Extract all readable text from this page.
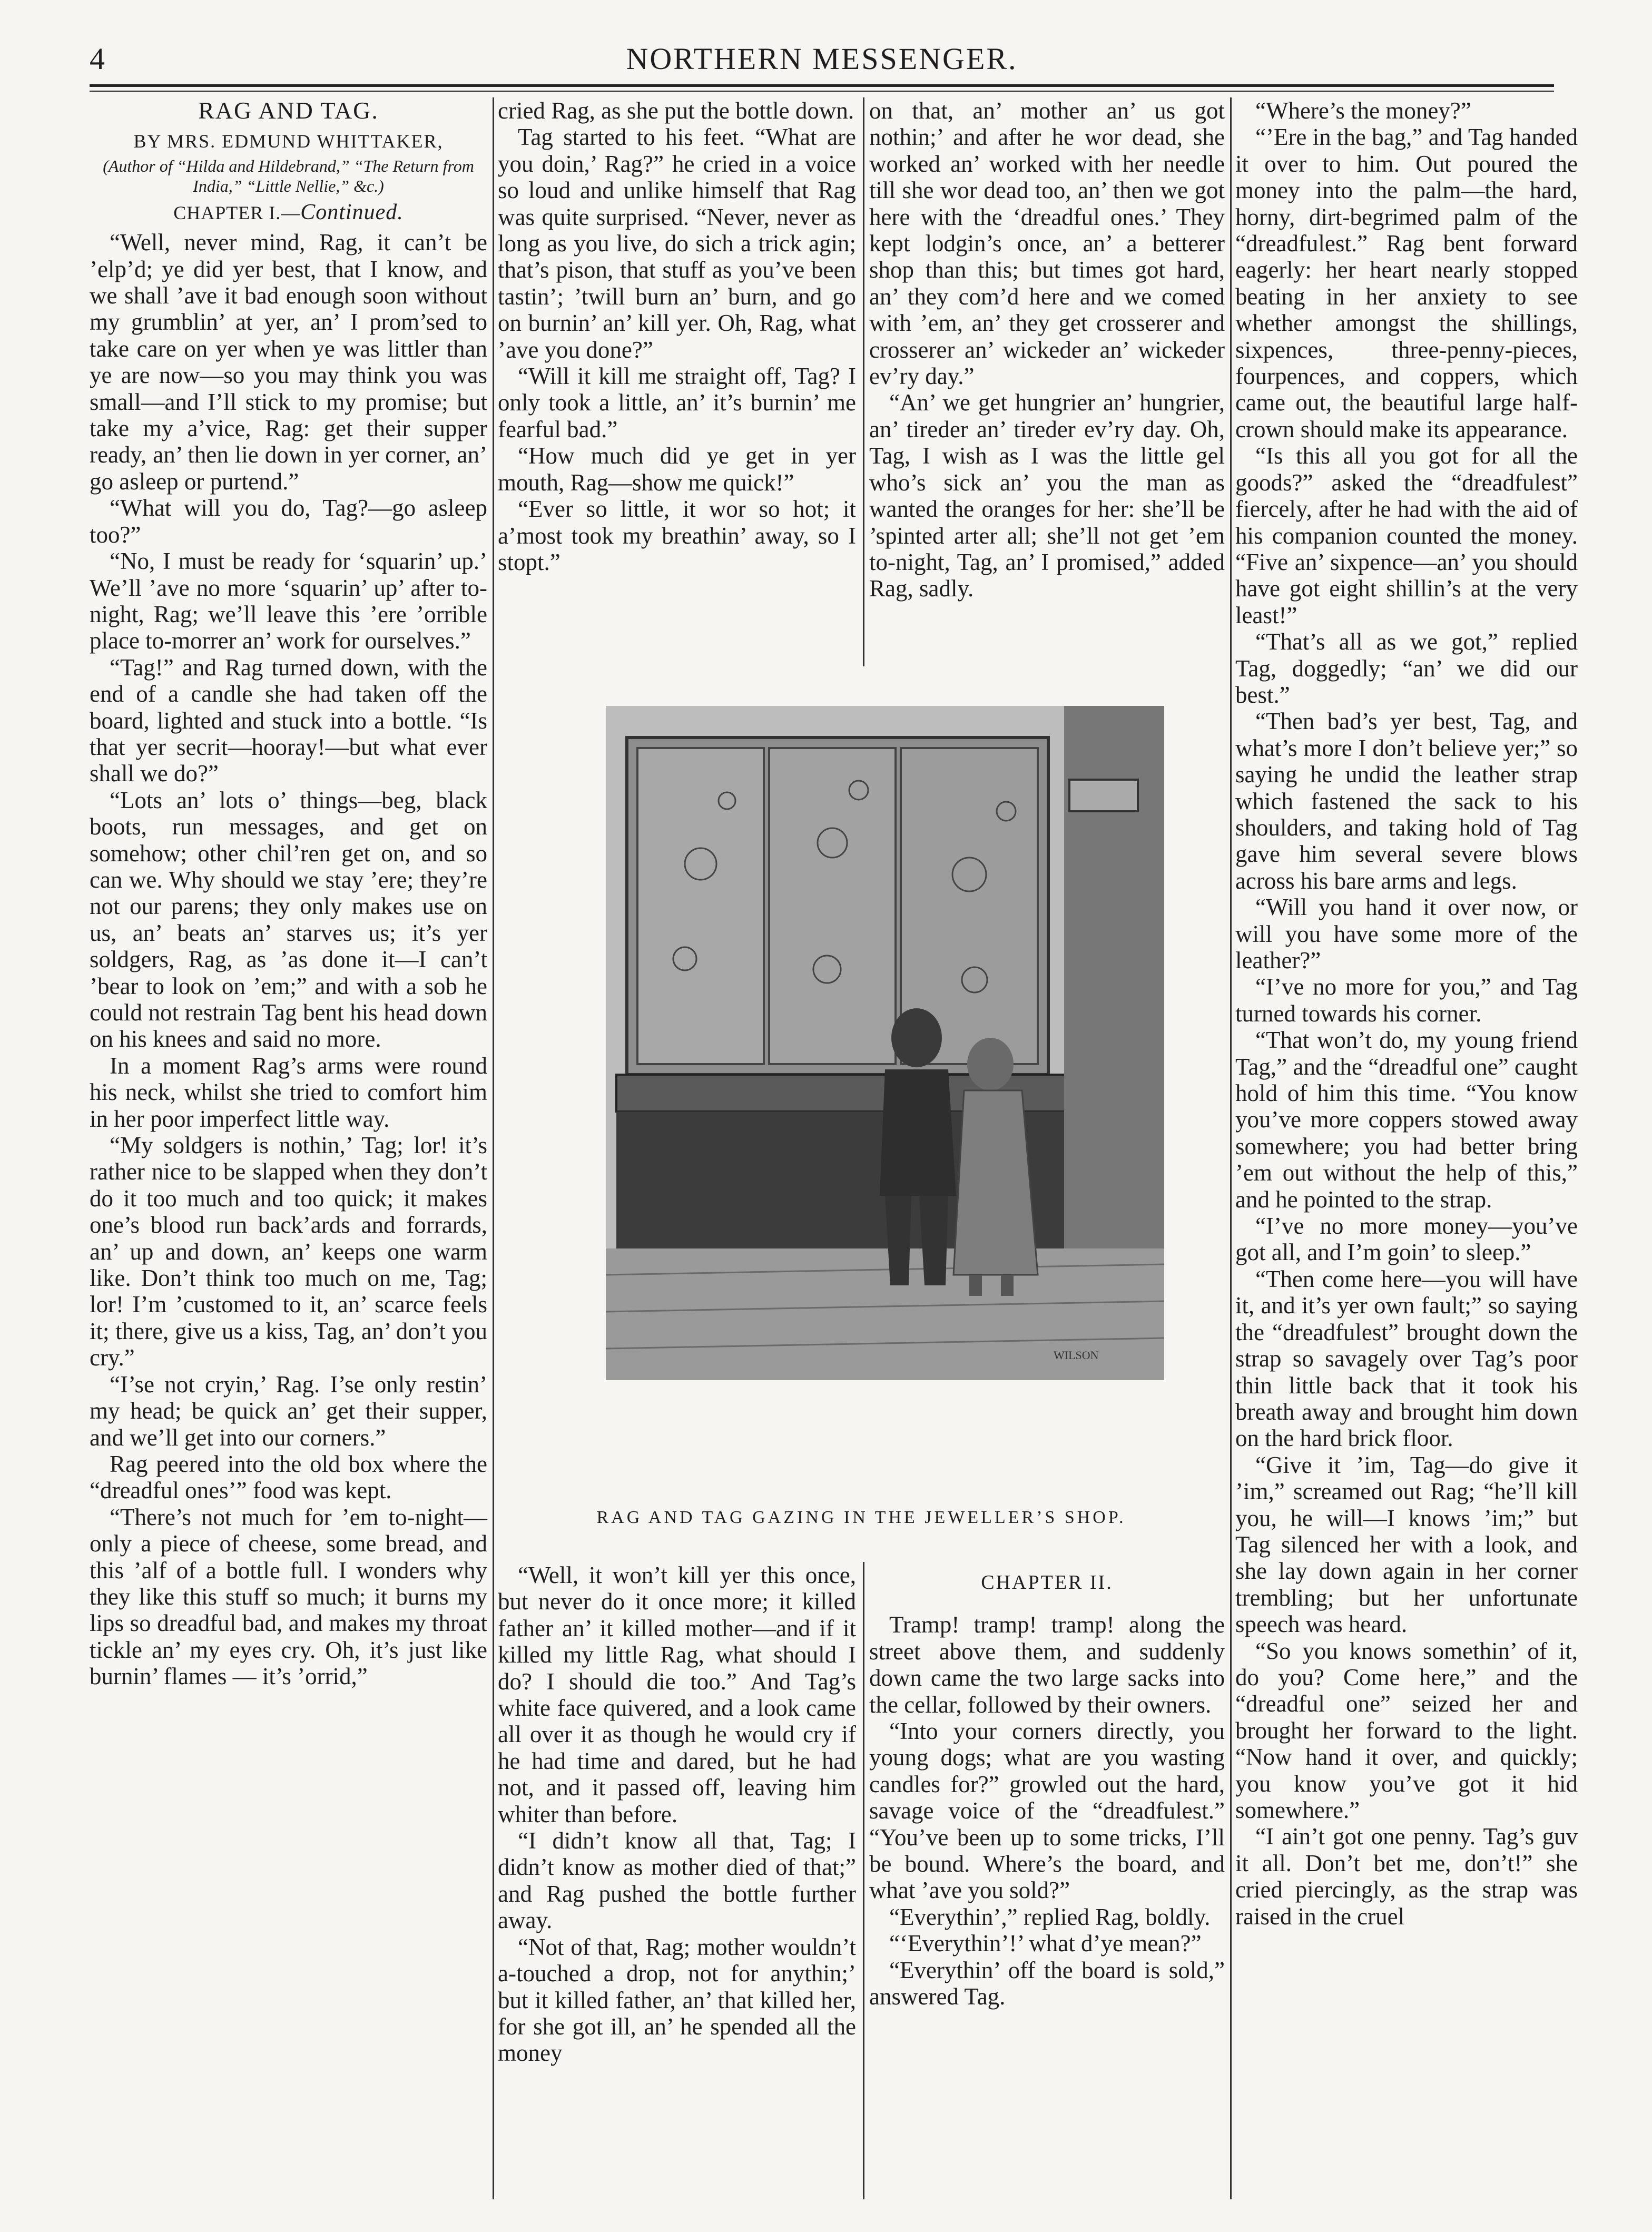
4	NORTHERN MESSENGER.
RAG AND TAG.
BY MRS. EDMUND WHITTAKER,
(Author of “Hilda and Hildebrand,” “The Return from India,” “Little Nellie,” &c.)
CHAPTER I.—Continued.

“Well, never mind, Rag, it can’t be ’elp’d; ye did yer best, that I know, and we shall ’ave it bad enough soon without my grumblin’ at yer, an’ I prom’sed to take care on yer when ye was littler than ye are now—so you may think you was small—and I’ll stick to my promise; but take my a’vice, Rag: get their supper ready, an’ then lie down in yer corner, an’ go asleep or purtend.”

“What will you do, Tag?—go asleep too?”

“No, I must be ready for ‘squarin’ up.’ We’ll ’ave no more ‘squarin’ up’ after to-night, Rag; we’ll leave this ’ere ’orrible place to-morrer an’ work for ourselves.”

“Tag!” and Rag turned down, with the end of a candle she had taken off the board, lighted and stuck into a bottle. “Is that yer secrit—hooray!—but what ever shall we do?”

“Lots an’ lots o’ things—beg, black boots, run messages, and get on somehow; other chil’ren get on, and so can we. Why should we stay ’ere; they’re not our parens; they only makes use on us, an’ beats an’ starves us; it’s yer soldgers, Rag, as ’as done it—I can’t ’bear to look on ’em;” and with a sob he could not restrain Tag bent his head down on his knees and said no more.

In a moment Rag’s arms were round his neck, whilst she tried to comfort him in her poor imperfect little way.

“My soldgers is nothin,’ Tag; lor! it’s rather nice to be slapped when they don’t do it too much and too quick; it makes one’s blood run back’ards and forrards, an’ up and down, an’ keeps one warm like. Don’t think too much on me, Tag; lor! I’m ’customed to it, an’ scarce feels it; there, give us a kiss, Tag, an’ don’t you cry.”

“I’se not cryin,’ Rag. I’se only restin’ my head; be quick an’ get their supper, and we’ll get into our corners.”

Rag peered into the old box where the “dreadful ones’” food was kept.

“There’s not much for ’em to-night—only a piece of cheese, some bread, and this ’alf of a bottle full. I wonders why they like this stuff so much; it burns my lips so dreadful bad, and makes my throat tickle an’ my eyes cry. Oh, it’s just like burnin’ flames — it’s ’orrid,”

cried Rag, as she put the bottle down.

Tag started to his feet. “What are you doin,’ Rag?” he cried in a voice so loud and unlike himself that Rag was quite surprised. “Never, never as long as you live, do sich a trick agin; that’s pison, that stuff as you’ve been tastin’; ’twill burn an’ burn, and go on burnin’ an’ kill yer. Oh, Rag, what ’ave you done?”

“Will it kill me straight off, Tag? I only took a little, an’ it’s burnin’ me fearful bad.”

“How much did ye get in yer mouth, Rag—show me quick!”

“Ever so little, it wor so hot; it a’most took my breathin’ away, so I stopt.”

on that, an’ mother an’ us got nothin;’ and after he wor dead, she worked an’ worked with her needle till she wor dead too, an’ then we got here with the ‘dreadful ones.’ They kept lodgin’s once, an’ a betterer shop than this; but times got hard, an’ they com’d here and we comed with ’em, an’ they get crosserer and crosserer an’ wickeder an’ wickeder ev’ry day.”

“An’ we get hungrier an’ hungrier, an’ tireder an’ tireder ev’ry day. Oh, Tag, I wish as I was the little gel who’s sick an’ you the man as wanted the oranges for her: she’ll be ’spinted arter all; she’ll not get ’em to-night, Tag, an’ I promised,” added Rag, sadly.

“Where’s the money?”

“’Ere in the bag,” and Tag handed it over to him. Out poured the money into the palm—the hard, horny, dirt-begrimed palm of the “dreadfulest.” Rag bent forward eagerly: her heart nearly stopped beating in her anxiety to see whether amongst the shillings, sixpences, three-penny-pieces, fourpences, and coppers, which came out, the beautiful large half-crown should make its appearance.

“Is this all you got for all the goods?” asked the “dreadfulest” fiercely, after he had with the aid of his companion counted the money. “Five an’ sixpence—an’ you should have got eight shillin’s at the very least!”

“That’s all as we got,” replied Tag, doggedly; “an’ we did our best.”

“Then bad’s yer best, Tag, and what’s more I don’t believe yer;” so saying he undid the leather strap which fastened the sack to his shoulders, and taking hold of Tag gave him several severe blows across his bare arms and legs.

“Will you hand it over now, or will you have some more of the leather?”

“I’ve no more for you,” and Tag turned towards his corner.

“That won’t do, my young friend Tag,” and the “dreadful one” caught hold of him this time. “You know you’ve more coppers stowed away somewhere; you had better bring ’em out without the help of this,” and he pointed to the strap.

“I’ve no more money—you’ve got all, and I’m goin’ to sleep.”

“Then come here—you will have it, and it’s yer own fault;” so saying the “dreadfulest” brought down the strap so savagely over Tag’s poor thin little back that it took his breath away and brought him down on the hard brick floor.

“Give it ’im, Tag—do give it ’im,” screamed out Rag; “he’ll kill you, he will—I knows ’im;” but Tag silenced her with a look, and she lay down again in her corner trembling; but her unfortunate speech was heard.

“So you knows somethin’ of it, do you? Come here,” and the “dreadful one” seized her and brought her forward to the light. “Now hand it over, and quickly; you know you’ve got it hid somewhere.”

“I ain’t got one penny. Tag’s guv it all. Don’t bet me, don’t!” she cried piercingly, as the strap was raised in the cruel

WILSON
RAG AND TAG GAZING IN THE JEWELLER’S SHOP.

“Well, it won’t kill yer this once, but never do it once more; it killed father an’ it killed mother—and if it killed my little Rag, what should I do? I should die too.” And Tag’s white face quivered, and a look came all over it as though he would cry if he had time and dared, but he had not, and it passed off, leaving him whiter than before.

“I didn’t know all that, Tag; I didn’t know as mother died of that;” and Rag pushed the bottle further away.

“Not of that, Rag; mother wouldn’t a-touched a drop, not for anythin;’ but it killed father, an’ that killed her, for she got ill, an’ he spended all the money

CHAPTER II.

Tramp! tramp! tramp! along the street above them, and suddenly down came the two large sacks into the cellar, followed by their owners.

“Into your corners directly, you young dogs; what are you wasting candles for?” growled out the hard, savage voice of the “dreadfulest.” “You’ve been up to some tricks, I’ll be bound. Where’s the board, and what ’ave you sold?”

“Everythin’,” replied Rag, boldly.

“‘Everythin’!’ what d’ye mean?”

“Everythin’ off the board is sold,” answered Tag.
